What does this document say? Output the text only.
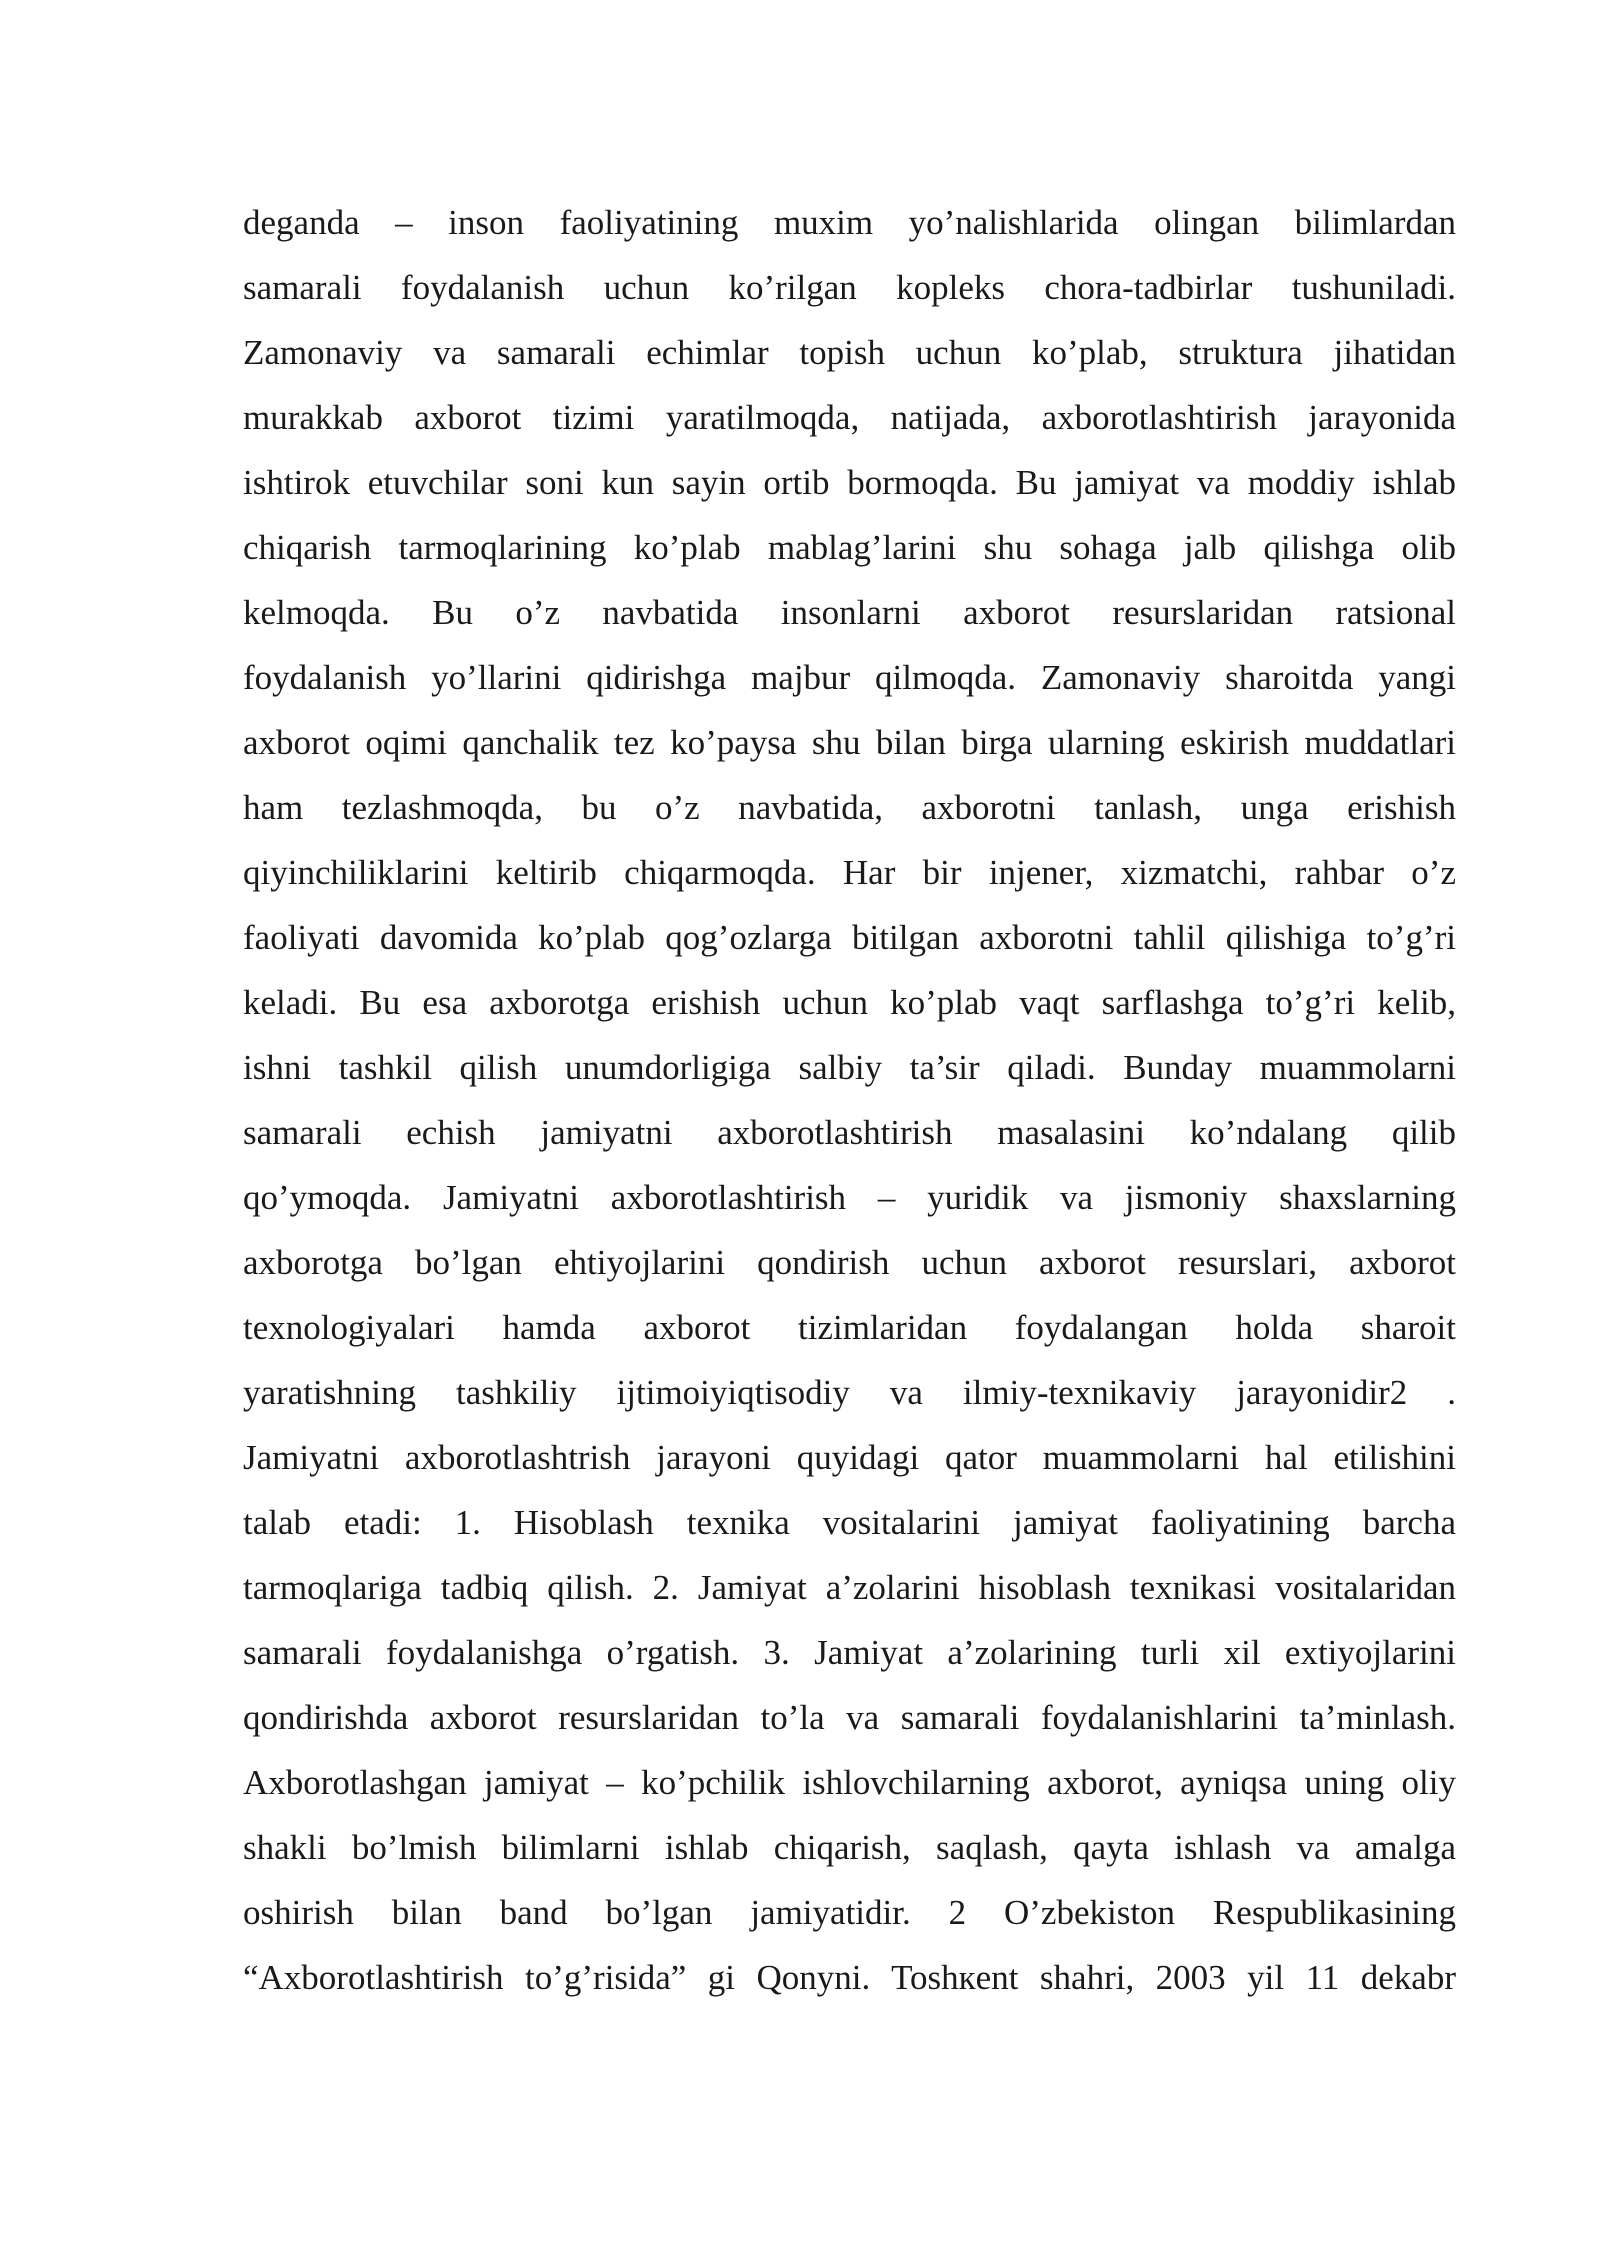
deganda – inson faoliyatining muxim yo’nalishlarida olingan bilimlardan
samarali foydalanish uchun ko’rilgan kopleks chora-tadbirlar tushuniladi.
Zamonaviy va samarali echimlar topish uchun ko’plab, struktura jihatidan
murakkab axborot tizimi yaratilmoqda, natijada, axborotlashtirish jarayonida
ishtirok etuvchilar soni kun sayin ortib bormoqda. Bu jamiyat va moddiy ishlab
chiqarish tarmoqlarining ko’plab mablag’larini shu sohaga jalb qilishga olib
kelmoqda. Bu o’z navbatida insonlarni axborot resurslaridan ratsional
foydalanish yo’llarini qidirishga majbur qilmoqda. Zamonaviy sharoitda yangi
axborot oqimi qanchalik tez ko’paysa shu bilan birga ularning eskirish muddatlari
ham tezlashmoqda, bu o’z navbatida, axborotni tanlash, unga erishish
qiyinchiliklarini keltirib chiqarmoqda. Har bir injener, xizmatchi, rahbar o’z
faoliyati davomida ko’plab qog’ozlarga bitilgan axborotni tahlil qilishiga to’g’ri
keladi. Bu esa axborotga erishish uchun ko’plab vaqt sarflashga to’g’ri kelib,
ishni tashkil qilish unumdorligiga salbiy ta’sir qiladi. Bunday muammolarni
samarali echish jamiyatni axborotlashtirish masalasini ko’ndalang qilib
qo’ymoqda. Jamiyatni axborotlashtirish – yuridik va jismoniy shaxslarning
axborotga bo’lgan ehtiyojlarini qondirish uchun axborot resurslari, axborot
texnologiyalari hamda axborot tizimlaridan foydalangan holda sharoit
yaratishning tashkiliy ijtimoiyiqtisodiy va ilmiy-texnikaviy jarayonidir2 .
Jamiyatni axborotlashtrish jarayoni quyidagi qator muammolarni hal etilishini
talab etadi: 1. Hisoblash texnika vositalarini jamiyat faoliyatining barcha
tarmoqlariga tadbiq qilish. 2. Jamiyat a’zolarini hisoblash texnikasi vositalaridan
samarali foydalanishga o’rgatish. 3. Jamiyat a’zolarining turli xil extiyojlarini
qondirishda axborot resurslaridan to’la va samarali foydalanishlarini ta’minlash.
Axborotlashgan jamiyat – ko’pchilik ishlovchilarning axborot, ayniqsa uning oliy
shakli bo’lmish bilimlarni ishlab chiqarish, saqlash, qayta ishlash va amalga
oshirish bilan band bo’lgan jamiyatidir. 2 O’zbekiston Respublikasining
“Axborotlashtirish to’g’risida” gi Qonyni. Toshкent shahri, 2003 yil 11 dekabr
